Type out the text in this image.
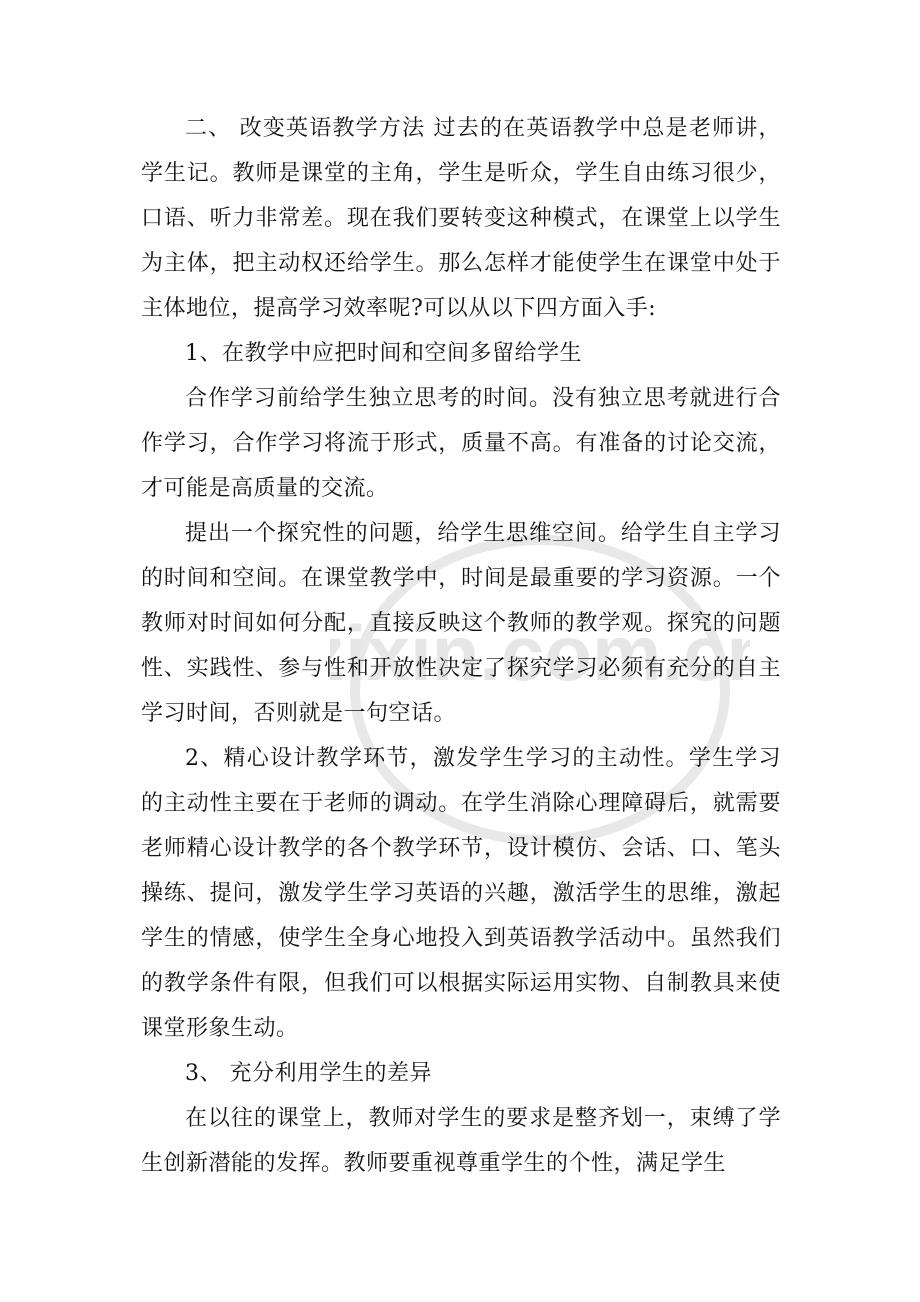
ixin.com.cn

二、 改变英语教学方法 过去的在英语教学中总是老师讲，学生记。教师是课堂的主角，学生是听众，学生自由练习很少，口语、听力非常差。现在我们要转变这种模式，在课堂上以学生为主体，把主动权还给学生。那么怎样才能使学生在课堂中处于主体地位，提高学习效率呢?可以从以下四方面入手:

1、在教学中应把时间和空间多留给学生

合作学习前给学生独立思考的时间。没有独立思考就进行合作学习，合作学习将流于形式，质量不高。有准备的讨论交流，才可能是高质量的交流。

提出一个探究性的问题，给学生思维空间。给学生自主学习的时间和空间。在课堂教学中，时间是最重要的学习资源。一个教师对时间如何分配，直接反映这个教师的教学观。探究的问题性、实践性、参与性和开放性决定了探究学习必须有充分的自主学习时间，否则就是一句空话。

2、精心设计教学环节，激发学生学习的主动性。学生学习的主动性主要在于老师的调动。在学生消除心理障碍后，就需要老师精心设计教学的各个教学环节，设计模仿、会话、口、笔头操练、提问，激发学生学习英语的兴趣，激活学生的思维，激起学生的情感，使学生全身心地投入到英语教学活动中。虽然我们的教学条件有限，但我们可以根据实际运用实物、自制教具来使课堂形象生动。

3、 充分利用学生的差异

在以往的课堂上，教师对学生的要求是整齐划一，束缚了学生创新潜能的发挥。教师要重视尊重学生的个性，满足学生
